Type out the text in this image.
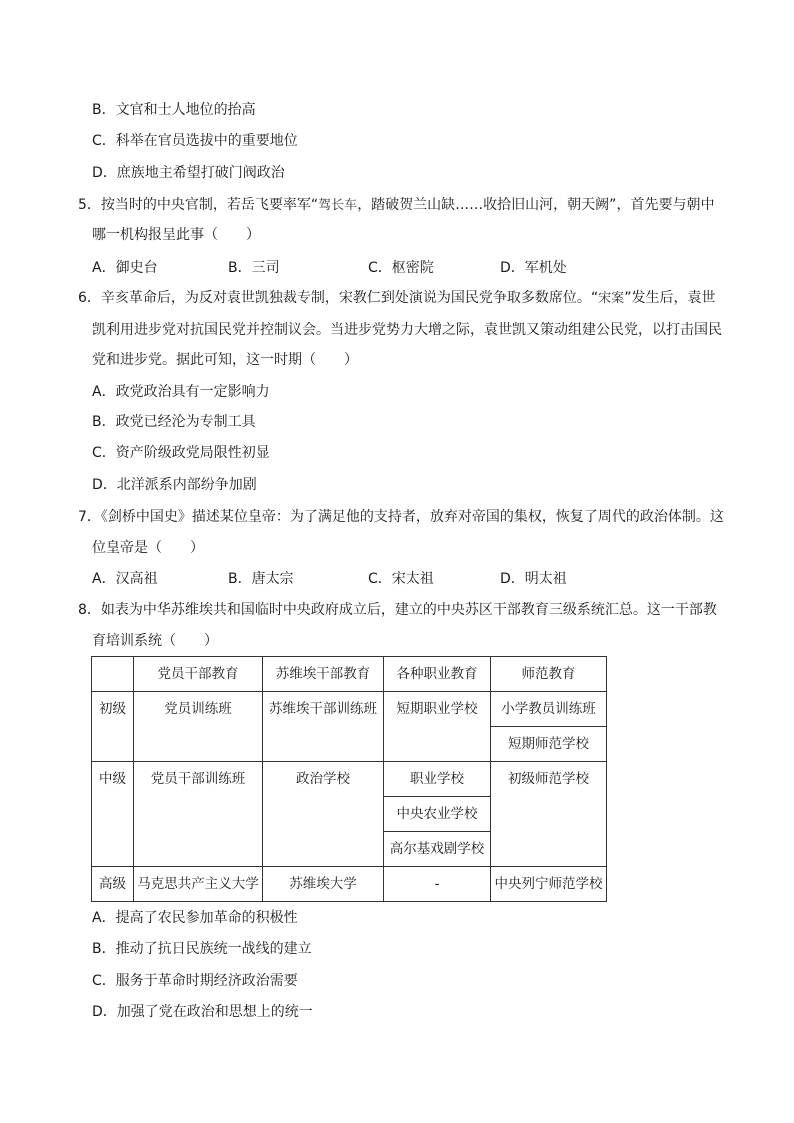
B．文官和士人地位的抬高
C．科举在官员选拔中的重要地位
D．庶族地主希望打破门阀政治
5．按当时的中央官制，若岳飞要率军“驾长车，踏破贺兰山缺……收拾旧山河，朝天阙”，首先要与朝中
哪一机构报呈此事（　　）
A．御史台	B．三司	C．枢密院	D．军机处
6．辛亥革命后，为反对袁世凯独裁专制，宋教仁到处演说为国民党争取多数席位。“宋案”发生后，袁世
凯利用进步党对抗国民党并控制议会。当进步党势力大增之际，袁世凯又策动组建公民党，以打击国民
党和进步党。据此可知，这一时期（　　）
A．政党政治具有一定影响力
B．政党已经沦为专制工具
C．资产阶级政党局限性初显
D．北洋派系内部纷争加剧
7．《剑桥中国史》描述某位皇帝：为了满足他的支持者，放弃对帝国的集权，恢复了周代的政治体制。这
位皇帝是（　　）
A．汉高祖	B．唐太宗	C．宋太祖	D．明太祖
8．如表为中华苏维埃共和国临时中央政府成立后，建立的中央苏区干部教育三级系统汇总。这一干部教
育培训系统（　　）
	党员干部教育	苏维埃干部教育	各种职业教育	师范教育
初级	党员训练班	苏维埃干部训练班	短期职业学校	小学教员训练班
				短期师范学校
中级	党员干部训练班	政治学校	职业学校	初级师范学校
			中央农业学校	
			高尔基戏剧学校	
高级	马克思共产主义大学	苏维埃大学	-	中央列宁师范学校
A．提高了农民参加革命的积极性
B．推动了抗日民族统一战线的建立
C．服务于革命时期经济政治需要
D．加强了党在政治和思想上的统一
